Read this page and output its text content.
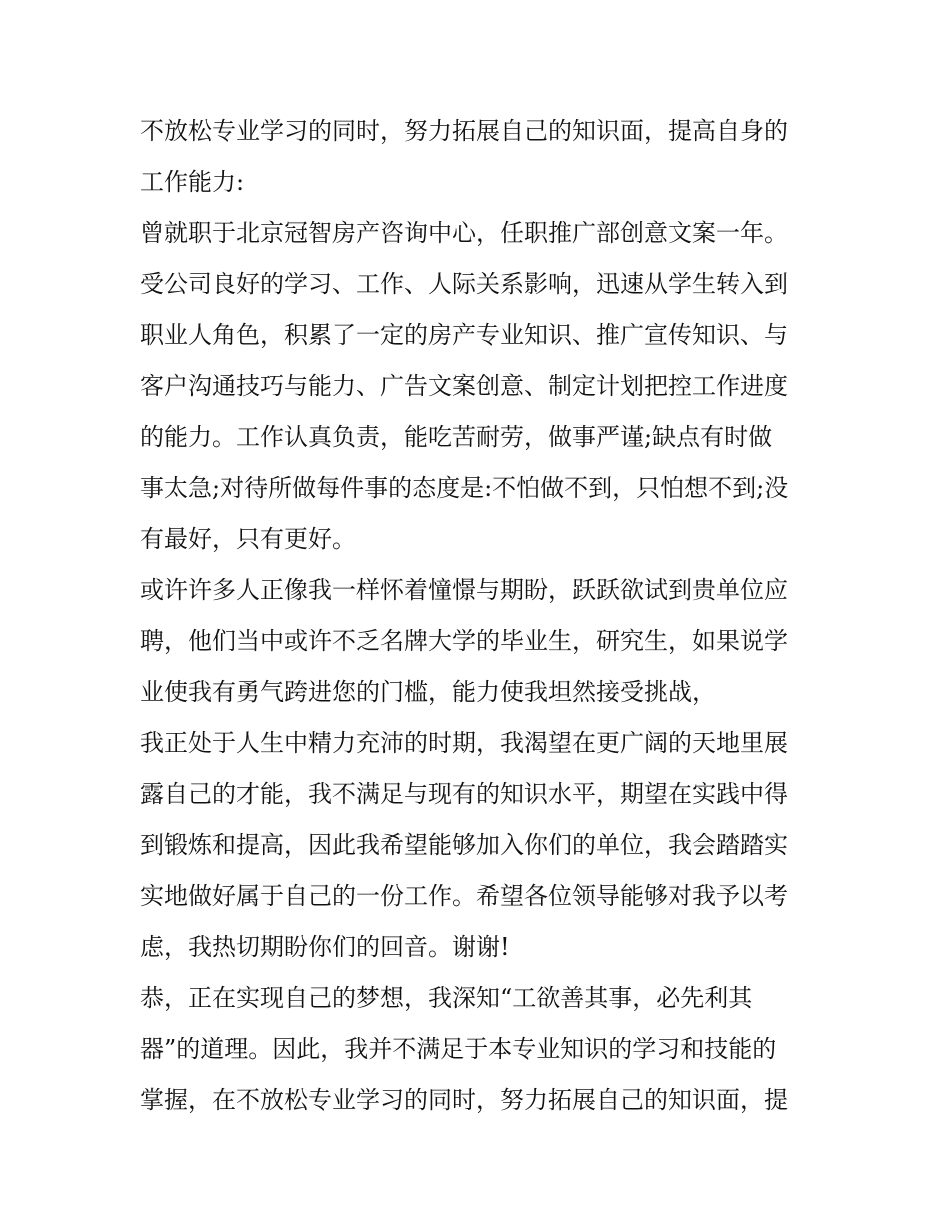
不放松专业学习的同时，努力拓展自己的知识面，提高自身的
工作能力:
曾就职于北京冠智房产咨询中心，任职推广部创意文案一年。
受公司良好的学习、工作、人际关系影响，迅速从学生转入到
职业人角色，积累了一定的房产专业知识、推广宣传知识、与
客户沟通技巧与能力、广告文案创意、制定计划把控工作进度
的能力。工作认真负责，能吃苦耐劳，做事严谨;缺点有时做
事太急;对待所做每件事的态度是:不怕做不到，只怕想不到;没
有最好，只有更好。
或许许多人正像我一样怀着憧憬与期盼，跃跃欲试到贵单位应
聘，他们当中或许不乏名牌大学的毕业生，研究生，如果说学
业使我有勇气跨进您的门槛，能力使我坦然接受挑战，
我正处于人生中精力充沛的时期，我渴望在更广阔的天地里展
露自己的才能，我不满足与现有的知识水平，期望在实践中得
到锻炼和提高，因此我希望能够加入你们的单位，我会踏踏实
实地做好属于自己的一份工作。希望各位领导能够对我予以考
虑，我热切期盼你们的回音。谢谢!
恭，正在实现自己的梦想，我深知“工欲善其事，必先利其
器”的道理。因此，我并不满足于本专业知识的学习和技能的
掌握，在不放松专业学习的同时，努力拓展自己的知识面，提
